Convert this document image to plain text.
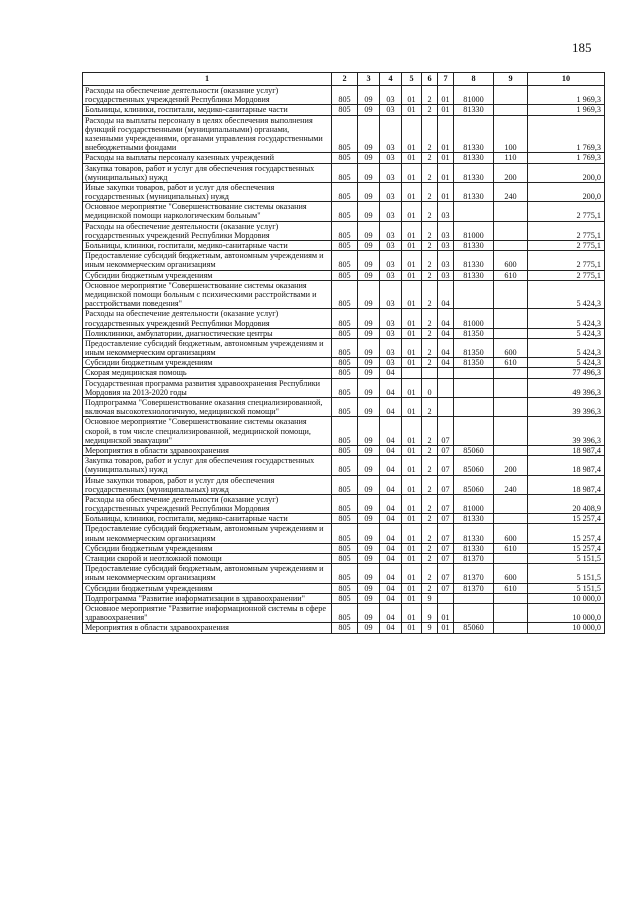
185
1	2	3	4	5	6	7	8	9	10
Расходы на обеспечение деятельности (оказание услуг) государственных учреждений Республики Мордовия	805	09	03	01	2	01	81000		1 969,3
Больницы, клиники, госпитали, медико-санитарные части	805	09	03	01	2	01	81330		1 969,3
Расходы на выплаты персоналу в целях обеспечения выполнения функций государственными (муниципальными) органами, казенными учреждениями, органами управления государственными внебюджетными фондами	805	09	03	01	2	01	81330	100	1 769,3
Расходы на выплаты персоналу казенных учреждений	805	09	03	01	2	01	81330	110	1 769,3
Закупка товаров, работ и услуг для обеспечения государственных (муниципальных) нужд	805	09	03	01	2	01	81330	200	200,0
Иные закупки товаров, работ и услуг для обеспечения государственных (муниципальных) нужд	805	09	03	01	2	01	81330	240	200,0
Основное мероприятие "Совершенствование системы оказания медицинской помощи наркологическим больным"	805	09	03	01	2	03			2 775,1
Расходы на обеспечение деятельности (оказание услуг) государственных учреждений Республики Мордовия	805	09	03	01	2	03	81000		2 775,1
Больницы, клиники, госпитали, медико-санитарные части	805	09	03	01	2	03	81330		2 775,1
Предоставление субсидий бюджетным, автономным учреждениям и иным некоммерческим организациям	805	09	03	01	2	03	81330	600	2 775,1
Субсидии бюджетным учреждениям	805	09	03	01	2	03	81330	610	2 775,1
Основное мероприятие "Совершенствование системы оказания медицинской помощи больным с психическими расстройствами и расстройствами поведения"	805	09	03	01	2	04			5 424,3
Расходы на обеспечение деятельности (оказание услуг) государственных учреждений Республики Мордовия	805	09	03	01	2	04	81000		5 424,3
Поликлиники, амбулатории, диагностические центры	805	09	03	01	2	04	81350		5 424,3
Предоставление субсидий бюджетным, автономным учреждениям и иным некоммерческим организациям	805	09	03	01	2	04	81350	600	5 424,3
Субсидии бюджетным учреждениям	805	09	03	01	2	04	81350	610	5 424,3
Скорая медицинская помощь	805	09	04						77 496,3
Государственная программа развития здравоохранения Республики Мордовия на 2013-2020 годы	805	09	04	01	0				49 396,3
Подпрограмма "Совершенствование оказания специализированной, включая высокотехнологичную, медицинской помощи"	805	09	04	01	2				39 396,3
Основное мероприятие "Совершенствование системы оказания скорой, в том числе специализированной, медицинской помощи, медицинской эвакуации"	805	09	04	01	2	07			39 396,3
Мероприятия в области здравоохранения	805	09	04	01	2	07	85060		18 987,4
Закупка товаров, работ и услуг для обеспечения государственных (муниципальных) нужд	805	09	04	01	2	07	85060	200	18 987,4
Иные закупки товаров, работ и услуг для обеспечения государственных (муниципальных) нужд	805	09	04	01	2	07	85060	240	18 987,4
Расходы на обеспечение деятельности (оказание услуг) государственных учреждений Республики Мордовия	805	09	04	01	2	07	81000		20 408,9
Больницы, клиники, госпитали, медико-санитарные части	805	09	04	01	2	07	81330		15 257,4
Предоставление субсидий бюджетным, автономным учреждениям и иным некоммерческим организациям	805	09	04	01	2	07	81330	600	15 257,4
Субсидии бюджетным учреждениям	805	09	04	01	2	07	81330	610	15 257,4
Станции скорой и неотложной помощи	805	09	04	01	2	07	81370		5 151,5
Предоставление субсидий бюджетным, автономным учреждениям и иным некоммерческим организациям	805	09	04	01	2	07	81370	600	5 151,5
Субсидии бюджетным учреждениям	805	09	04	01	2	07	81370	610	5 151,5
Подпрограмма "Развитие информатизации в здравоохранении"	805	09	04	01	9				10 000,0
Основное мероприятие "Развитие информационной системы в сфере здравоохранения"	805	09	04	01	9	01			10 000,0
Мероприятия в области здравоохранения	805	09	04	01	9	01	85060		10 000,0
